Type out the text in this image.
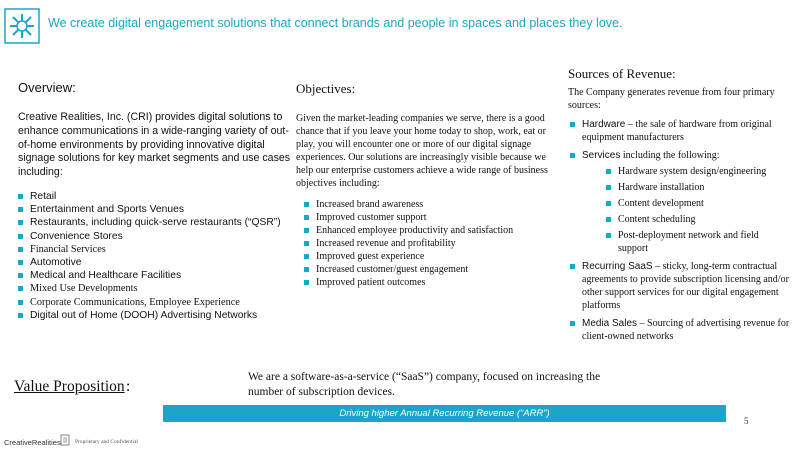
We create digital engagement solutions that connect brands and people in spaces and places they love.
Overview:

Creative Realities, Inc. (CRI) provides digital solutions to enhance communications in a wide-ranging variety of out-of-home environments by providing innovative digital signage solutions for key market segments and use cases including:

Retail
Entertainment and Sports Venues
Restaurants, including quick-serve restaurants (“QSR”)
Convenience Stores
Financial Services
Automotive
Medical and Healthcare Facilities
Mixed Use Developments
Corporate Communications, Employee Experience
Digital out of Home (DOOH) Advertising Networks
Objectives:

Given the market-leading companies we serve, there is a good chance that if you leave your home today to shop, work, eat or play, you will encounter one or more of our digital signage experiences. Our solutions are increasingly visible because we help our enterprise customers achieve a wide range of business objectives including:

Increased brand awareness
Improved customer support
Enhanced employee productivity and satisfaction
Increased revenue and profitability
Improved guest experience
Increased customer/guest engagement
Improved patient outcomes
Sources of Revenue:

The Company generates revenue from four primary sources:

Hardware – the sale of hardware from original equipment manufacturers
Services including the following:
Hardware system design/engineering
Hardware installation
Content development
Content scheduling
Post-deployment network and field support
Recurring SaaS – sticky, long-term contractual agreements to provide subscription licensing and/or other support services for our digital engagement platforms
Media Sales – Sourcing of advertising revenue for client-owned networks
Value Proposition :
We are a software-as-a-service (“SaaS”) company, focused on increasing the number of subscription devices.
Driving higher Annual Recurring Revenue (“ARR”)
5
CreativeRealities	Proprietary and Confidential
